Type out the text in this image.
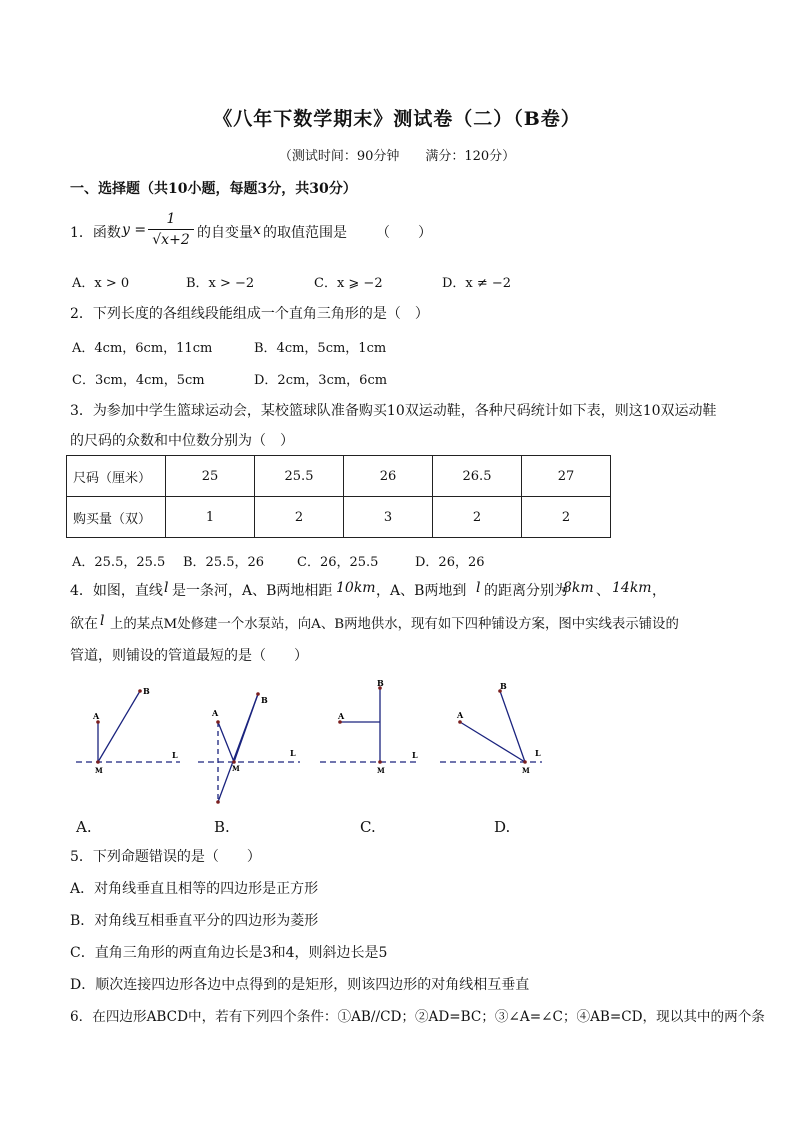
《八年下数学期末》测试卷（二）（B卷）
（测试时间：90分钟　　满分：120分）
一、选择题（共10小题，每题3分，共30分）
1．函数 y =
1
√x+2 的自变量 x 的取值范围是 （　　）
A．x > 0	B．x > −2	C．x ⩾ −2	D．x ≠ −2
2．下列长度的各组线段能组成一个直角三角形的是（　）
A．4cm，6cm，11cm	B．4cm，5cm，1cm
C．3cm，4cm，5cm	D．2cm，3cm，6cm
3．为参加中学生篮球运动会，某校篮球队准备购买10双运动鞋，各种尺码统计如下表，则这10双运动鞋
的尺码的众数和中位数分别为（　）
尺码（厘米）	25	25.5	26	26.5	27
购买量（双）	1	2	3	2	2
A．25.5，25.5 B．25.5，26	C．26，25.5	D．26，26
4．如图，直线 l 是一条河，A、B两地相距 10km ，A、B两地到 l 的距离分别为
8km 、 14km ，
欲在 l 上的某点M处修建一个水泵站，向A、B两地供水，现有如下四种铺设方案，图中实线表示铺设的
管道，则铺设的管道最短的是（　　）
A
B
M
L
A
B
M
L
A
B
M
L
A
B
M
L
A.	B.	C.	D.
5．下列命题错误的是（　　）
A．对角线垂直且相等的四边形是正方形
B．对角线互相垂直平分的四边形为菱形
C．直角三角形的两直角边长是3和4，则斜边长是5
D．顺次连接四边形各边中点得到的是矩形，则该四边形的对角线相互垂直
6．在四边形ABCD中，若有下列四个条件：①AB//CD；②AD=BC；③∠A=∠C；④AB=CD，现以其中的两个条
